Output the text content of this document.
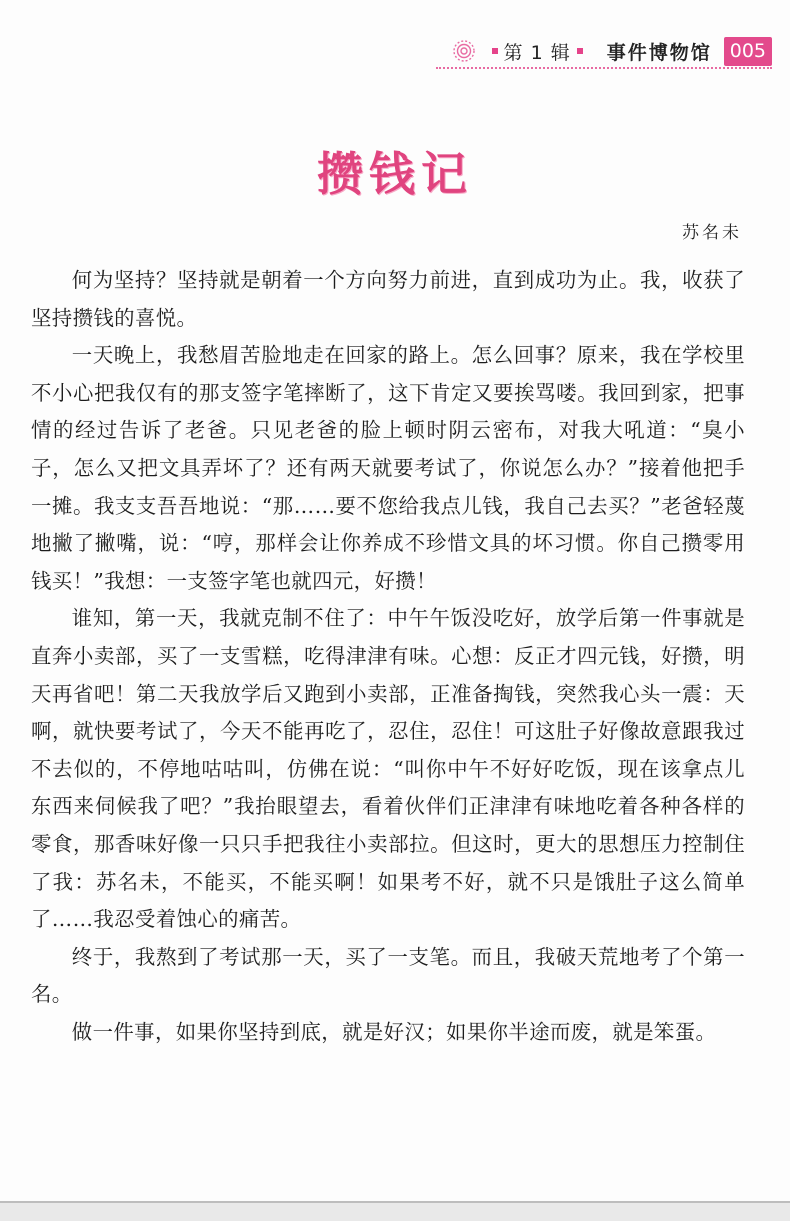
第 1 辑 事件博物馆 005
攒钱记
苏名未

何为坚持？坚持就是朝着一个方向努力前进，直到成功为止。我，收获了坚持攒钱的喜悦。

一天晚上，我愁眉苦脸地走在回家的路上。怎么回事？原来，我在学校里不小心把我仅有的那支签字笔摔断了，这下肯定又要挨骂喽。我回到家，把事情的经过告诉了老爸。只见老爸的脸上顿时阴云密布，对我大吼道：“臭小子，怎么又把文具弄坏了？还有两天就要考试了，你说怎么办？”接着他把手一摊。我支支吾吾地说：“那……要不您给我点儿钱，我自己去买？”老爸轻蔑地撇了撇嘴，说：“哼，那样会让你养成不珍惜文具的坏习惯。你自己攒零用钱买！”我想：一支签字笔也就四元，好攒！

谁知，第一天，我就克制不住了：中午午饭没吃好，放学后第一件事就是直奔小卖部，买了一支雪糕，吃得津津有味。心想：反正才四元钱，好攒，明天再省吧！第二天我放学后又跑到小卖部，正准备掏钱，突然我心头一震：天啊，就快要考试了，今天不能再吃了，忍住，忍住！可这肚子好像故意跟我过不去似的，不停地咕咕叫，仿佛在说：“叫你中午不好好吃饭，现在该拿点儿东西来伺候我了吧？”我抬眼望去，看着伙伴们正津津有味地吃着各种各样的零食，那香味好像一只只手把我往小卖部拉。但这时，更大的思想压力控制住了我：苏名未，不能买，不能买啊！如果考不好，就不只是饿肚子这么简单了……我忍受着蚀心的痛苦。

终于，我熬到了考试那一天，买了一支笔。而且，我破天荒地考了个第一名。

做一件事，如果你坚持到底，就是好汉；如果你半途而废，就是笨蛋。
